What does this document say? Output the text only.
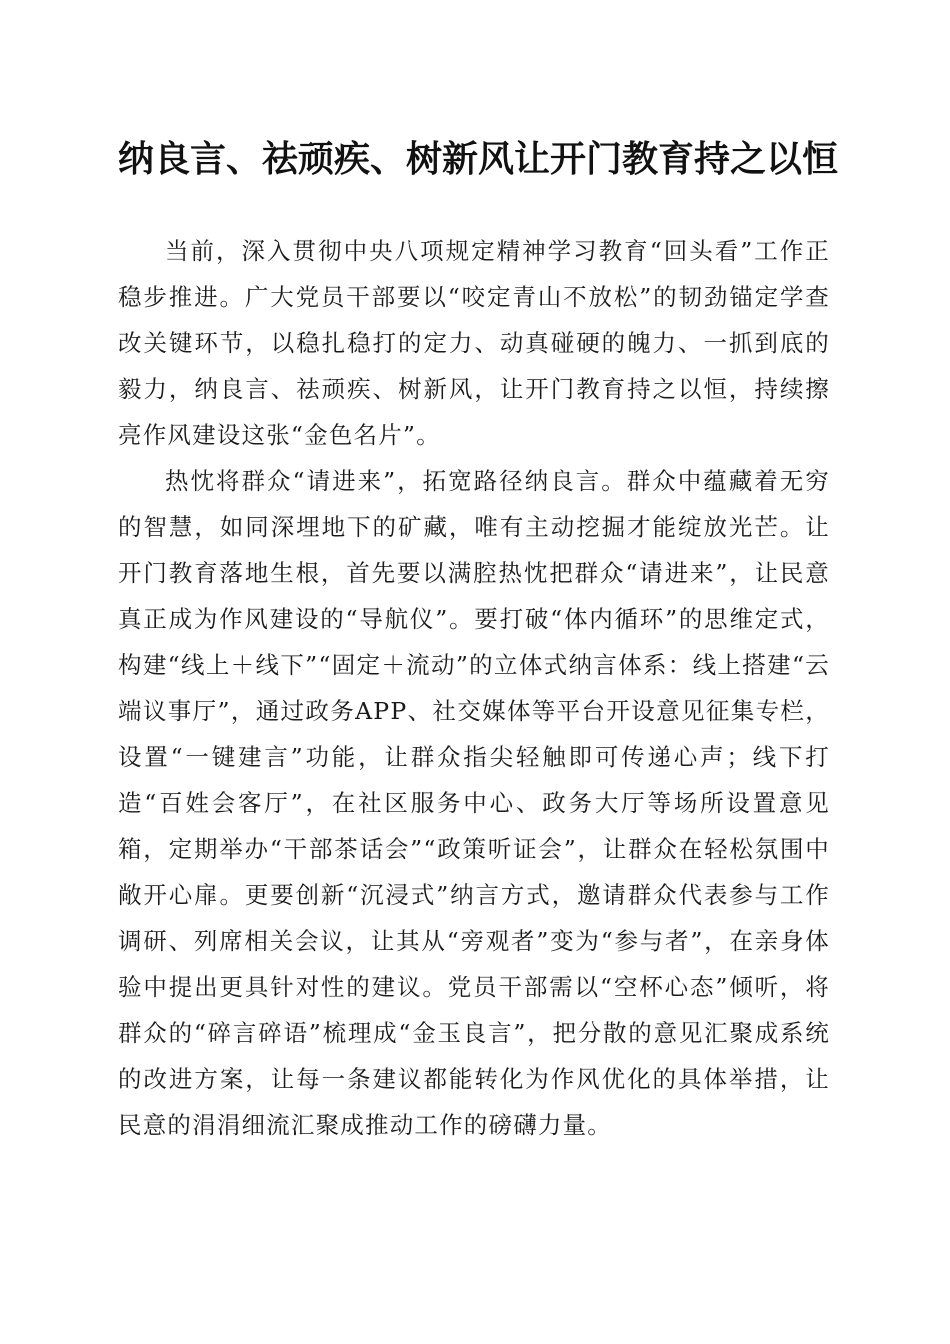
纳良言、祛顽疾、树新风让开门教育持之以恒

当前，深入贯彻中央八项规定精神学习教育“回头看”工作正稳步推进。广大党员干部要以“咬定青山不放松”的韧劲锚定学查改关键环节，以稳扎稳打的定力、动真碰硬的魄力、一抓到底的毅力，纳良言、祛顽疾、树新风，让开门教育持之以恒，持续擦亮作风建设这张“金色名片”。

热忱将群众“请进来”，拓宽路径纳良言。群众中蕴藏着无穷的智慧，如同深埋地下的矿藏，唯有主动挖掘才能绽放光芒。让开门教育落地生根，首先要以满腔热忱把群众“请进来”，让民意真正成为作风建设的“导航仪”。要打破“体内循环”的思维定式，构建“线上＋线下”“固定＋流动”的立体式纳言体系：线上搭建“云端议事厅”，通过政务APP、社交媒体等平台开设意见征集专栏，设置“一键建言”功能，让群众指尖轻触即可传递心声；线下打造“百姓会客厅”，在社区服务中心、政务大厅等场所设置意见箱，定期举办“干部茶话会”“政策听证会”，让群众在轻松氛围中敞开心扉。更要创新“沉浸式”纳言方式，邀请群众代表参与工作调研、列席相关会议，让其从“旁观者”变为“参与者”，在亲身体验中提出更具针对性的建议。党员干部需以“空杯心态”倾听，将群众的“碎言碎语”梳理成“金玉良言”，把分散的意见汇聚成系统的改进方案，让每一条建议都能转化为作风优化的具体举措，让民意的涓涓细流汇聚成推动工作的磅礴力量。
